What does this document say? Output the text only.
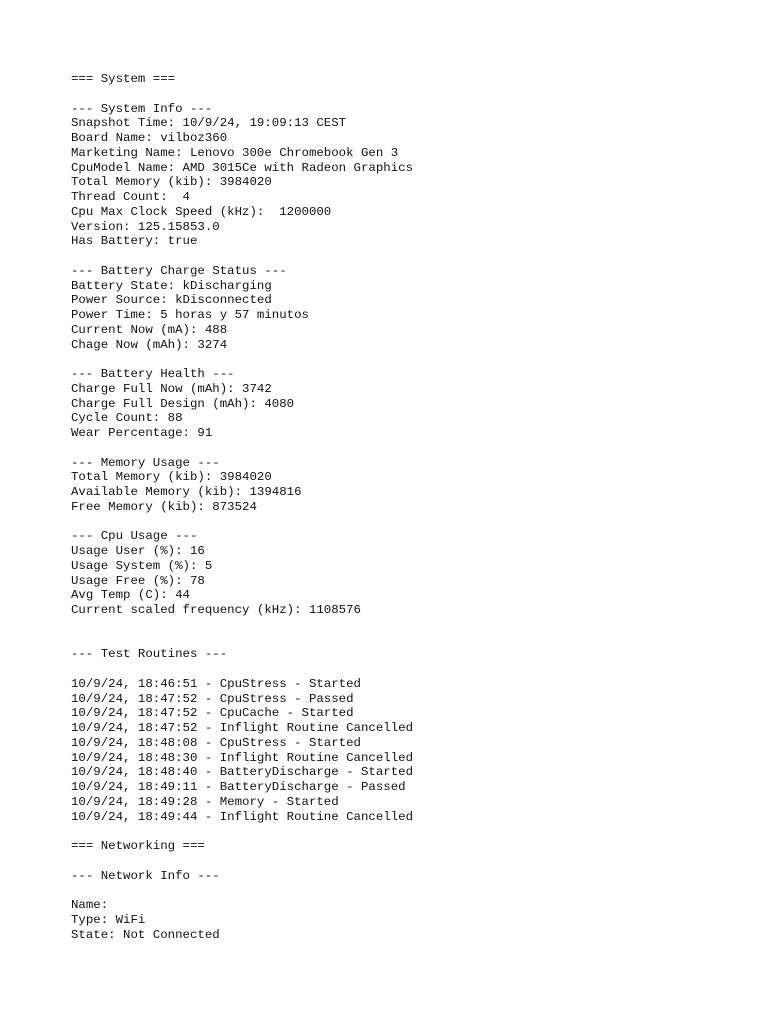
=== System ===
--- System Info ---
Snapshot Time: 10/9/24, 19:09:13 CEST
Board Name: vilboz360
Marketing Name: Lenovo 300e Chromebook Gen 3
CpuModel Name: AMD 3015Ce with Radeon Graphics
Total Memory (kib): 3984020
Thread Count:  4
Cpu Max Clock Speed (kHz):  1200000
Version: 125.15853.0
Has Battery: true
--- Battery Charge Status ---
Battery State: kDischarging
Power Source: kDisconnected
Power Time: 5 horas y 57 minutos
Current Now (mA): 488
Chage Now (mAh): 3274
--- Battery Health ---
Charge Full Now (mAh): 3742
Charge Full Design (mAh): 4080
Cycle Count: 88
Wear Percentage: 91
--- Memory Usage ---
Total Memory (kib): 3984020
Available Memory (kib): 1394816
Free Memory (kib): 873524
--- Cpu Usage ---
Usage User (%): 16
Usage System (%): 5
Usage Free (%): 78
Avg Temp (C): 44
Current scaled frequency (kHz): 1108576
--- Test Routines ---
10/9/24, 18:46:51 - CpuStress - Started
10/9/24, 18:47:52 - CpuStress - Passed
10/9/24, 18:47:52 - CpuCache - Started
10/9/24, 18:47:52 - Inflight Routine Cancelled
10/9/24, 18:48:08 - CpuStress - Started
10/9/24, 18:48:30 - Inflight Routine Cancelled
10/9/24, 18:48:40 - BatteryDischarge - Started
10/9/24, 18:49:11 - BatteryDischarge - Passed
10/9/24, 18:49:28 - Memory - Started
10/9/24, 18:49:44 - Inflight Routine Cancelled
=== Networking ===
--- Network Info ---
Name:
Type: WiFi
State: Not Connected
